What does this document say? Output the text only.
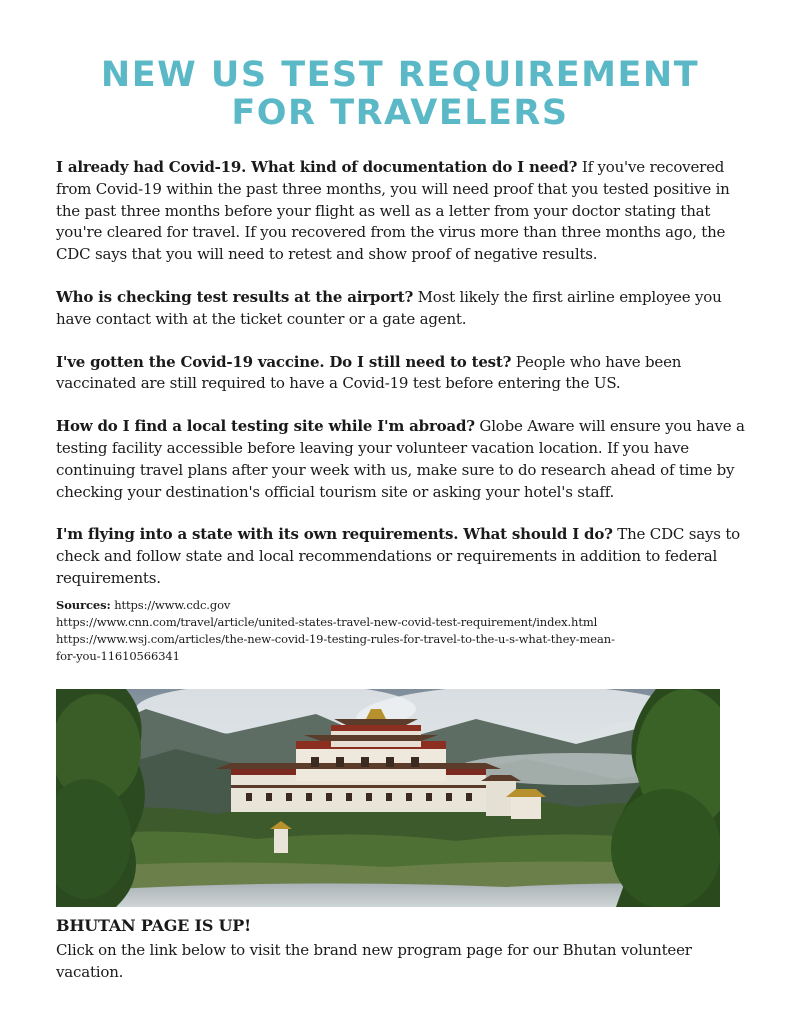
NEW US TEST REQUIREMENT
FOR TRAVELERS

I already had Covid-19. What kind of documentation do I need? If you've recovered from Covid-19 within the past three months, you will need proof that you tested positive in the past three months before your flight as well as a letter from your doctor stating that you're cleared for travel. If you recovered from the virus more than three months ago, the CDC says that you will need to retest and show proof of negative results.

Who is checking test results at the airport? Most likely the first airline employee you have contact with at the ticket counter or a gate agent.

I've gotten the Covid-19 vaccine. Do I still need to test? People who have been vaccinated are still required to have a Covid-19 test before entering the US.

How do I find a local testing site while I'm abroad? Globe Aware will ensure you have a testing facility accessible before leaving your volunteer vacation location. If you have continuing travel plans after your week with us, make sure to do research ahead of time by checking your destination's official tourism site or asking your hotel's staff.

I'm flying into a state with its own requirements. What should I do? The CDC says to check and follow state and local recommendations or requirements in addition to federal requirements.

Sources: https://www.cdc.gov
https://www.cnn.com/travel/article/united-states-travel-new-covid-test-requirement/index.html
https://www.wsj.com/articles/the-new-covid-19-testing-rules-for-travel-to-the-u-s-what-they-mean-
for-you-11610566341
BHUTAN PAGE IS UP!
Click on the link below to visit the brand new program page for our Bhutan volunteer vacation.
